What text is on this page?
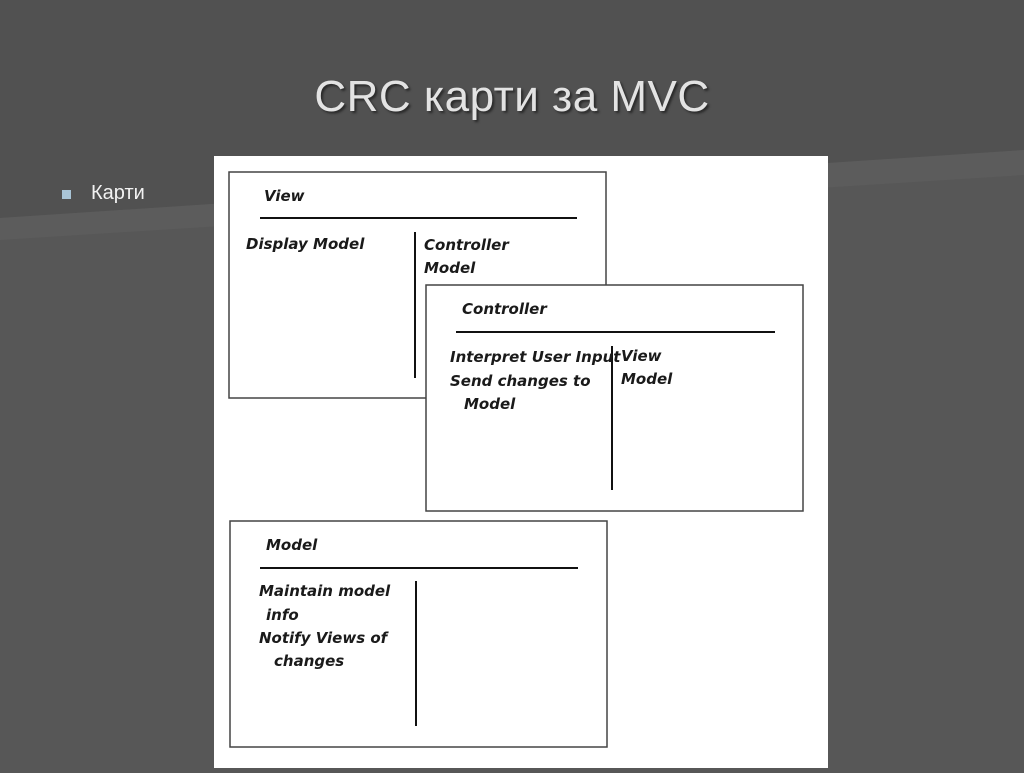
CRC карти за MVC
Карти	View
Display Model	Controller
Model
Controller
Interpret User Input
Send changes to
Model
View
Model
Model
Maintain model
info
Notify Views of
changes
